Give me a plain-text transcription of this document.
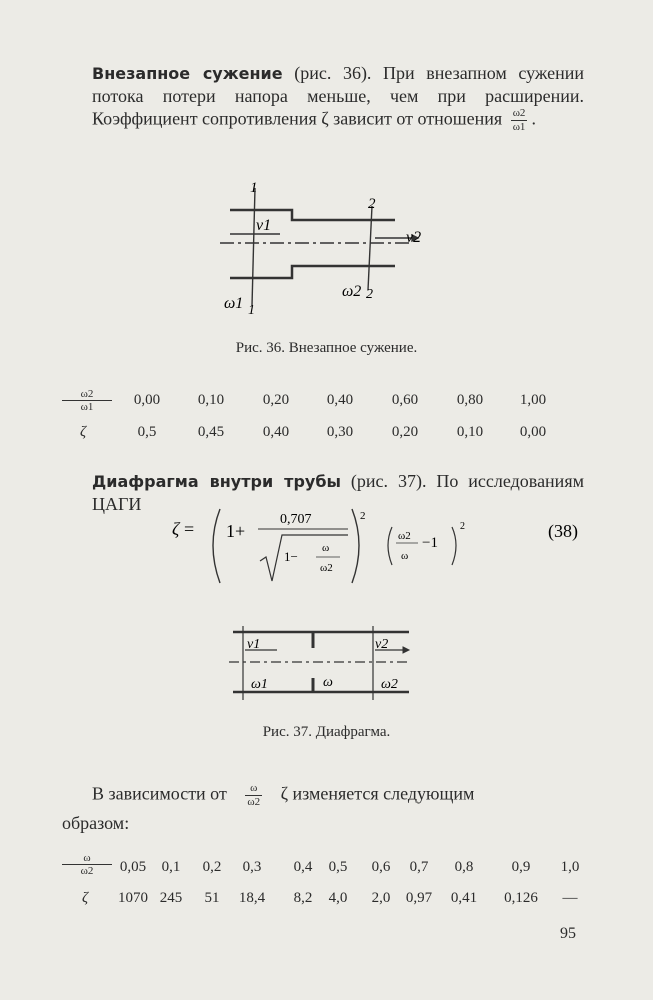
Внезапное сужение (рис. 36). При внезапном сужении потока потери напора меньше, чем при расширении. Коэффициент сопротивления ζ зависит от отношения $\frac{\omega 2}{\omega 1}$ .
1
2
v1
v2
ω1 1
ω2 2
Рис. 36. Внезапное сужение.
ω2
ω1
ζ
0,00	0,10	0,20	0,40	0,60	0,80	1,00
0,5	0,45	0,40	0,30	0,20	0,10	0,00
Диафрагма внутри трубы (рис. 37). По исследованиям ЦАГИ
ζ = 1+
0,707
1−
ω
ω2
2
ω2
ω
−1
2	(38)
v1	v2
ω1	ω	ω2
Рис. 37. Диафрагма.
В зависимости от $\frac{\omega}{\omega 2}$ ζ изменяется следующим
образом:
ω
ω2
ζ
0,05	0,1	0,2	0,3	0,4	0,5	0,6	0,7	0,8	0,9	1,0
1070 245	51	18,4	8,2	4,0	2,0	0,97	0,41	0,126	—
95
